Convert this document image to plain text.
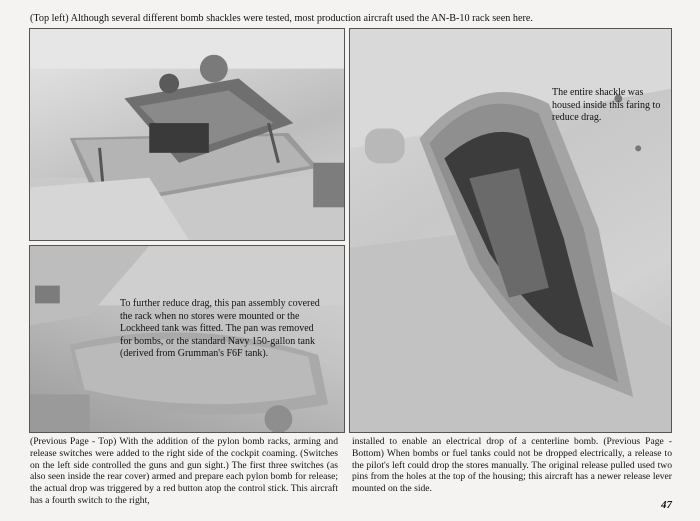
(Top left) Although several different bomb shackles were tested, most production aircraft used the AN-B-10 rack seen here.
To further reduce drag, this pan assembly covered the rack when no stores were mounted or the Lockheed tank was fitted. The pan was removed for bombs, or the standard Navy 150-gallon tank (derived from Grumman's F6F tank).
The entire shackle was housed inside this faring to reduce drag.
(Previous Page - Top) With the addition of the pylon bomb racks, arming and release switches were added to the right side of the cockpit coaming. (Switches on the left side controlled the guns and gun sight.) The first three switches (as also seen inside the rear cover) armed and prepare each pylon bomb for release; the actual drop was triggered by a red button atop the control stick. This aircraft has a fourth switch to the right,
installed to enable an electrical drop of a centerline bomb. (Previous Page - Bottom) When bombs or fuel tanks could not be dropped electrically, a release to the pilot's left could drop the stores manually. The original release pulled used two pins from the holes at the top of the housing; this aircraft has a newer release lever mounted on the side.
47
